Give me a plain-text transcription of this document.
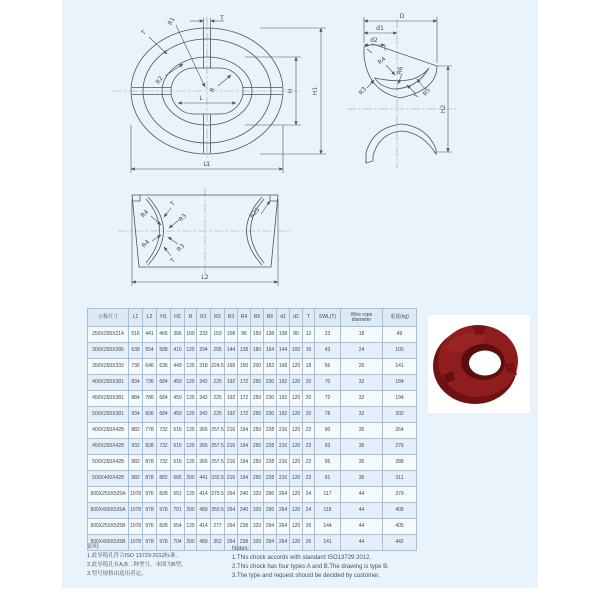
T
R1
T
R2
R
L
H	H1
L1
D
d1
d2
R4
R6
R3	T R5
H2
R4
T
R3
R4	R3
T
R25
L2
公称尺寸	L1	L2	H1	H2	R	R1	R2	R3	R4	R5	R6	d1	d2	T	SWL(T)	Wire rope diameter	重量(kg)
250X200X214	516	441	466	306	100	233	153	108	96	150	138	108	80	12	23	18	49
300X250X286	638	554	588	410	125	294	205	144	128	180	164	144	100	16	43	24	100
350X250X333	736	646	636	449	125	318	224.5	168	150	200	182	168	120	18	56	26	141
400X250X381	834	736	684	450	125	342	225	192	172	250	230	192	120	20	70	32	184
450X250X381	884	786	684	450	125	342	225	192	172	250	230	192	120	20	72	32	194
500X250X381	934	836	684	450	125	342	225	192	172	250	230	192	120	20	78	32	202
400X250X428	882	778	732	515	125	366	257.5	216	194	250	228	216	120	22	90	36	264
450X250X428	932	828	732	515	125	366	257.5	216	194	250	228	216	120	22	93	36	276
500X250X428	982	878	732	515	125	366	257.5	216	194	250	228	216	120	22	95	36	288
500X400X428	982	878	882	665	200	441	332.5	216	194	250	228	216	120	22	91	36	311
500X250X525A	1078	976	828	551	125	414	275.5	264	240	320	296	264	120	24	117	44	379
500X400X525A	1078	978	978	701	200	489	350.5	264	240	320	296	264	120	24	118	44	408
500X250X525B	1078	976	828	554	125	414	277	264	238	320	294	264	120	26	144	44	405
500X400X525B	1078	978	978	704	200	489	352	264	238	320	294	264	120	26	141	44	442
说明:
1.此导缆孔符合ISO 13729:2012标准。
2.此导缆孔有A,B二种型号，本图为B型。
3.型号规格由选用者定。
Notes:
1.This chock accords with standard ISO13729:2012.
2.This chock has four types:A and B.The drawing is type B.
3.The type and request should be decided by customer.
